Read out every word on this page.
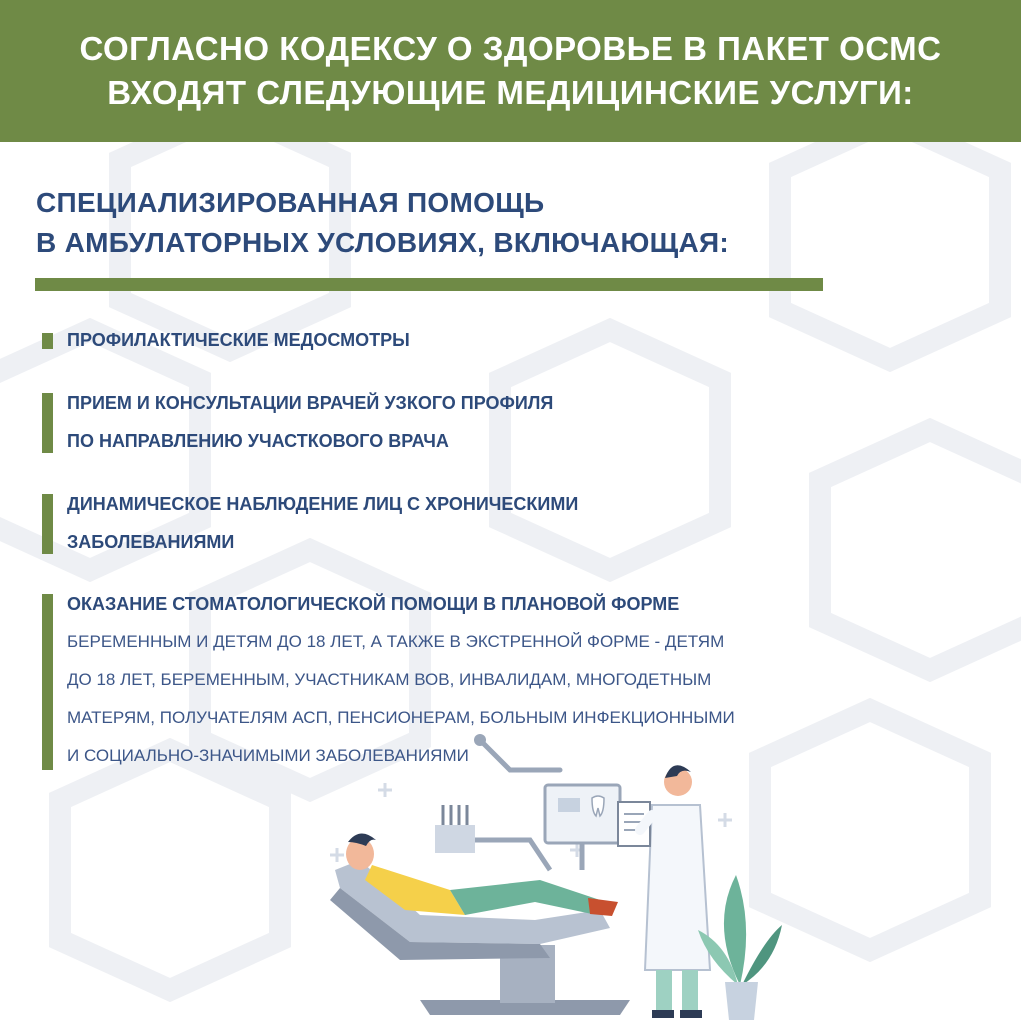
СОГЛАСНО КОДЕКСУ О ЗДОРОВЬЕ В ПАКЕТ ОСМС
ВХОДЯТ СЛЕДУЮЩИЕ МЕДИЦИНСКИЕ УСЛУГИ:
СПЕЦИАЛИЗИРОВАННАЯ ПОМОЩЬ
В АМБУЛАТОРНЫХ УСЛОВИЯХ, ВКЛЮЧАЮЩАЯ:
ПРОФИЛАКТИЧЕСКИЕ МЕДОСМОТРЫ
ПРИЕМ И КОНСУЛЬТАЦИИ ВРАЧЕЙ УЗКОГО ПРОФИЛЯ
ПО НАПРАВЛЕНИЮ УЧАСТКОВОГО ВРАЧА
ДИНАМИЧЕСКОЕ НАБЛЮДЕНИЕ ЛИЦ С ХРОНИЧЕСКИМИ
ЗАБОЛЕВАНИЯМИ
ОКАЗАНИЕ СТОМАТОЛОГИЧЕСКОЙ ПОМОЩИ В ПЛАНОВОЙ ФОРМЕ
БЕРЕМЕННЫМ И ДЕТЯМ ДО 18 ЛЕТ, А ТАКЖЕ В ЭКСТРЕННОЙ ФОРМЕ - ДЕТЯМ
ДО 18 ЛЕТ, БЕРЕМЕННЫМ, УЧАСТНИКАМ ВОВ, ИНВАЛИДАМ, МНОГОДЕТНЫМ
МАТЕРЯМ, ПОЛУЧАТЕЛЯМ АСП, ПЕНСИОНЕРАМ, БОЛЬНЫМ ИНФЕКЦИОННЫМИ
И СОЦИАЛЬНО-ЗНАЧИМЫМИ ЗАБОЛЕВАНИЯМИ
